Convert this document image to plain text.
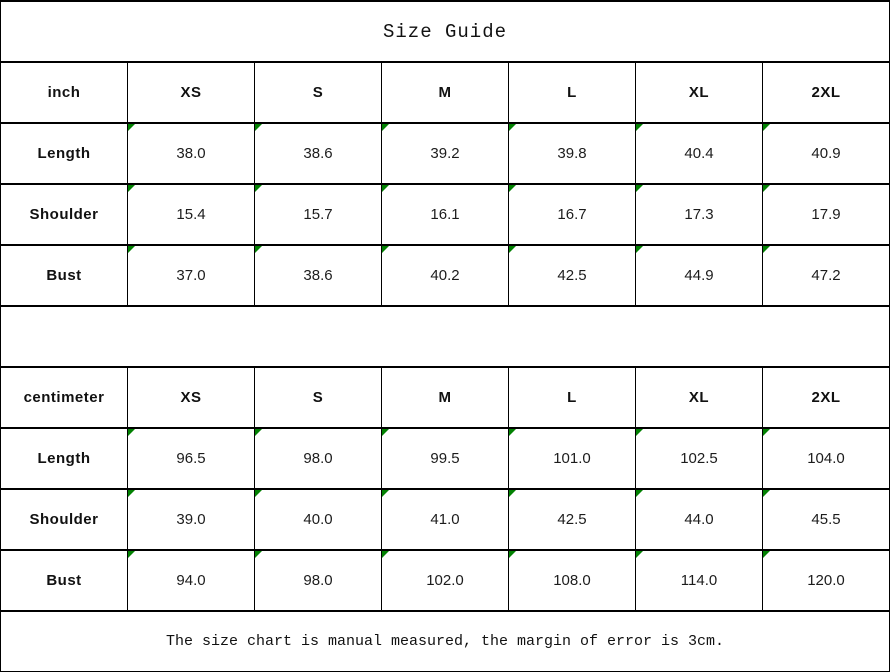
Size Guide						
inch	XS	S	M	L	XL	2XL
Length	38.0	38.6	39.2	39.8	40.4	40.9
Shoulder	15.4	15.7	16.1	16.7	17.3	17.9
Bust	37.0	38.6	40.2	42.5	44.9	47.2

centimeter	XS	S	M	L	XL	2XL
Length	96.5	98.0	99.5	101.0	102.5	104.0
Shoulder	39.0	40.0	41.0	42.5	44.0	45.5
Bust	94.0	98.0	102.0	108.0	114.0	120.0
The size chart is manual measured, the margin of error is 3cm.						
